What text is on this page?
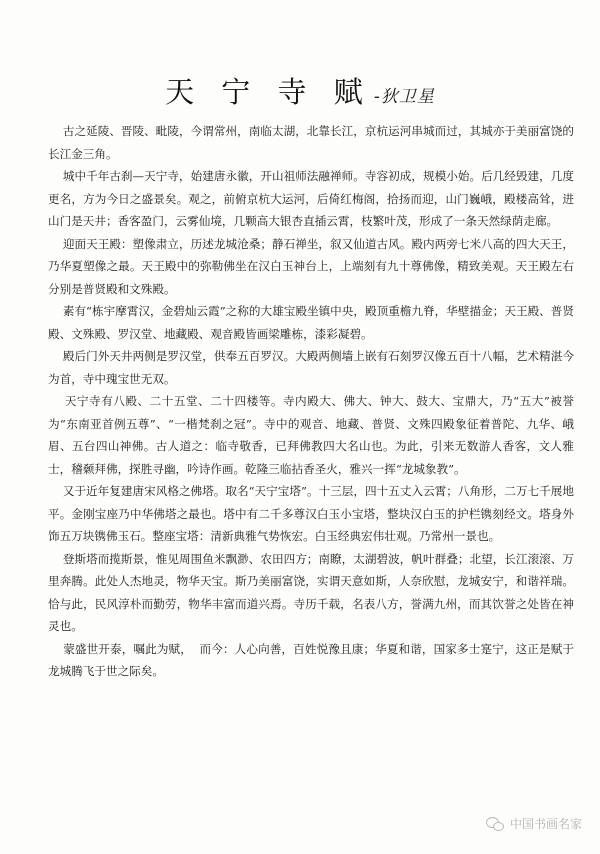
天 宁 寺 赋 -狄卫星

古之延陵、晋陵、毗陵，今谓常州，南临太湖，北靠长江，京杭运河串城而过，其城亦于美丽富饶的长江金三角。

城中千年古刹—天宁寺，始建唐永徽，开山祖师法融禅师。寺容初成，规模小始。后几经毁建，几度更名，方为今日之盛景矣。观之，前俯京杭大运河，后倚红梅阁，拾扬而迎，山门巍峨，殿楼高耸，进山门是天井；香客盈门，云雾仙境，几颗高大银杏直插云霄，枝繁叶茂，形成了一条天然绿荫走廊。

迎面天王殿：塑像肃立，历述龙城沧桑；静石禅坐，叙又仙道古风。殿内两旁七米八高的四大天王，乃华夏塑像之最。天王殿中的弥勒佛坐在汉白玉神台上，上端刻有九十尊佛像，精致美观。天王殿左右分别是普贤殿和文殊殿。

素有“栋宇摩霄汉，金碧灿云霞”之称的大雄宝殿坐镇中央，殿顶重檐九脊，华壁描金；天王殿、普贤殿、文殊殿、罗汉堂、地藏殿、观音殿皆画梁雕栋，漆彩凝碧。

殿后门外天井两侧是罗汉堂，供奉五百罗汉。大殿两侧墙上嵌有石刻罗汉像五百十八幅，艺术精湛今为首，寺中瑰宝世无双。

天宁寺有八殿、二十五堂、二十四楼等。寺内殿大、佛大、钟大、鼓大、宝鼎大，乃“五大”被誉为“东南亚首例五尊”、“一楷梵刹之冠”。寺中的观音、地藏、普贤、文殊四殿象征着普陀、九华、峨眉、五台四山神佛。古人道之：临寺敬香，已拜佛教四大名山也。为此，引来无数游人香客，文人雅士，稽颡拜佛，探胜寻幽，吟诗作画。乾隆三临拈香圣火，雅兴一挥“龙城象教”。

又于近年复建唐宋风格之佛塔。取名“天宁宝塔”。十三层，四十五丈入云霄；八角形，二万七千展地平。金刚宝座乃中华佛塔之最也。塔中有二千多尊汉白玉小宝塔，整块汉白玉的护栏镌刻经文。塔身外饰五万块镌佛玉石。整座宝塔：清新典雅气势恢宏。白玉经典宏伟壮观。乃常州一景也。

登斯塔而揽斯景，惟见周围鱼米飘渺、农田四方；南瞭，太湖碧波，帆叶群叠；北望，长江滚滚、万里奔腾。此处人杰地灵，物华天宝。斯乃美丽富饶，实谓天意如斯，人奈欣慰，龙城安宁，和谐祥瑞。恰与此，民风淳朴而勤劳，物华丰富而道兴焉。寺历千载，名表八方，誉满九州，而其饮誉之处皆在神灵也。

蒙盛世开泰，嘱此为赋，  而今：人心向善，百姓悦豫且康；华夏和谐，国家多士寔宁，这正是赋于龙城腾飞于世之际矣。

中国书画名家
